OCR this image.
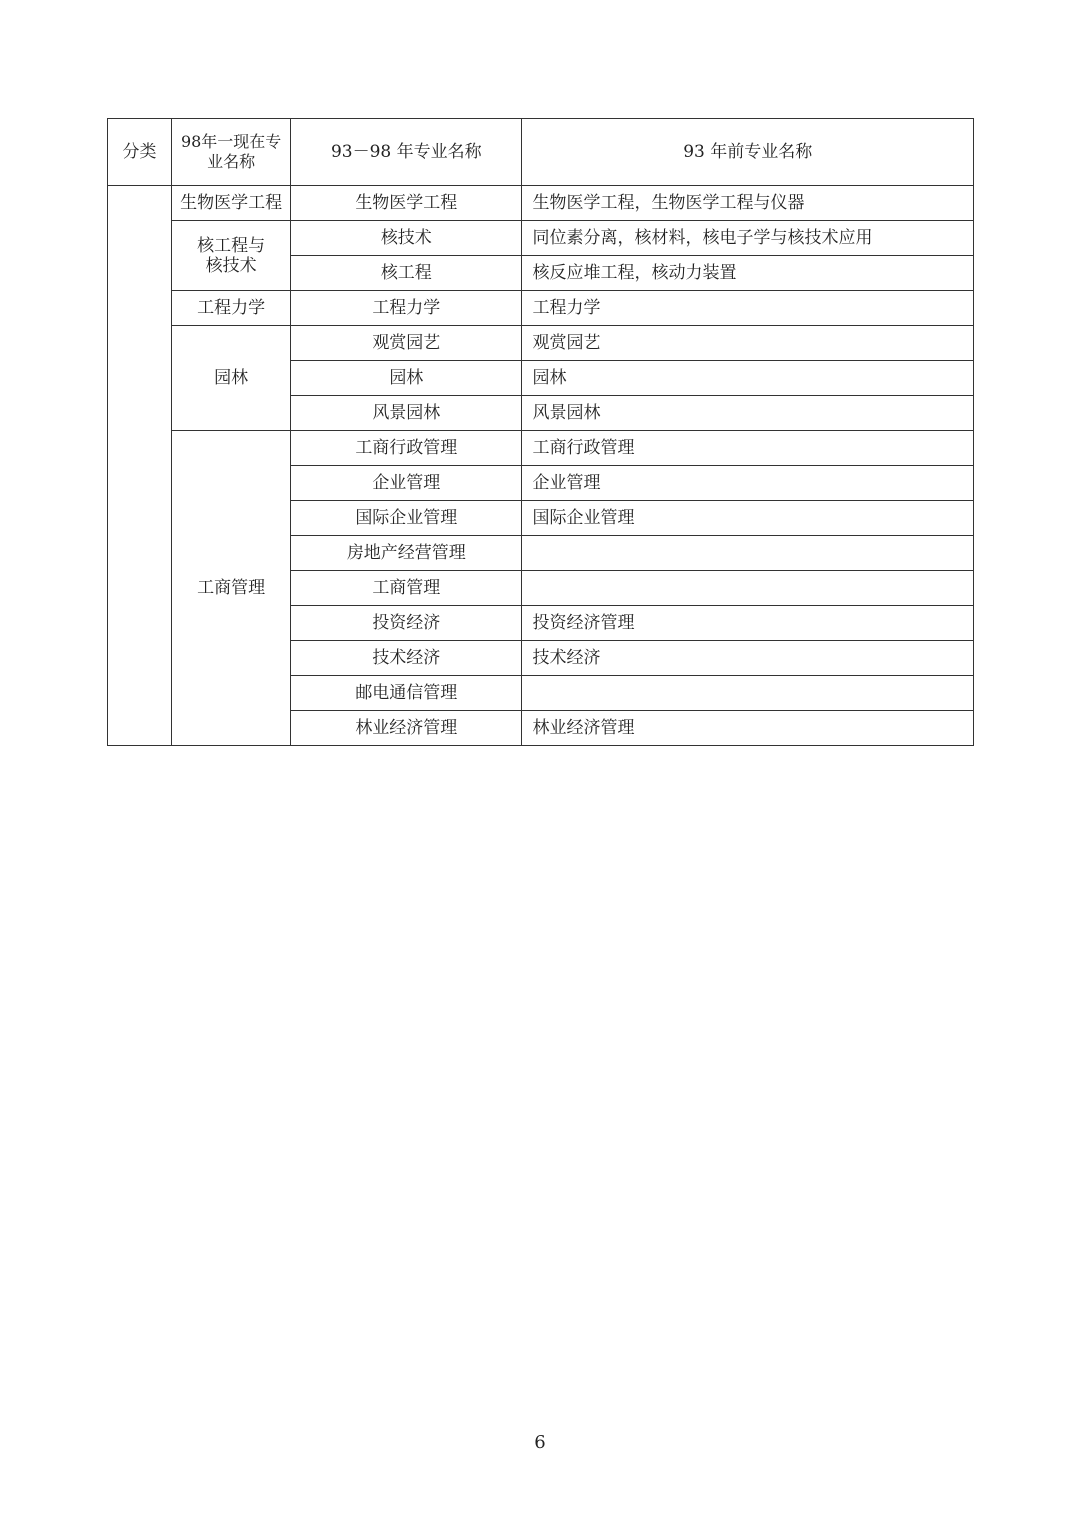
分类	98年一现在专业名称	93－98 年专业名称	93 年前专业名称
	生物医学工程	生物医学工程	生物医学工程，生物医学工程与仪器
	核工程与核技术	核技术	同位素分离，核材料，核电子学与核技术应用
		核工程	核反应堆工程，核动力装置
	工程力学	工程力学	工程力学
	园林	观赏园艺	观赏园艺
		园林	园林
		风景园林	风景园林
	工商管理	工商行政管理	工商行政管理
		企业管理	企业管理
		国际企业管理	国际企业管理
		房地产经营管理	
		工商管理	
		投资经济	投资经济管理
		技术经济	技术经济
		邮电通信管理	
		林业经济管理	林业经济管理
6
